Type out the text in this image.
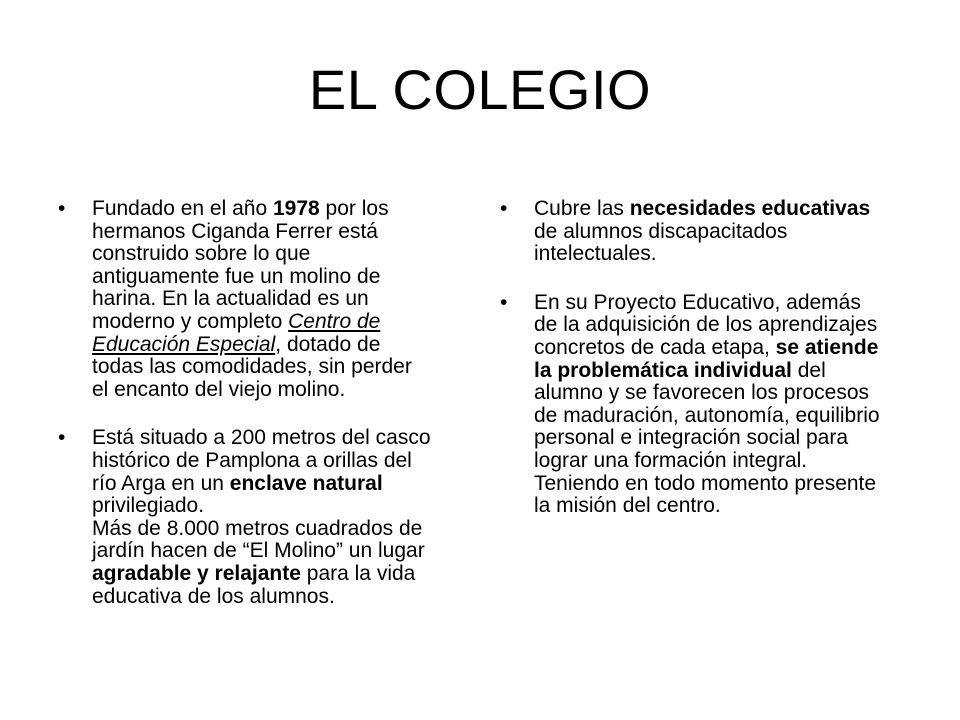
EL COLEGIO
•	Fundado en el año 1978 por los hermanos Ciganda Ferrer está construido sobre lo que antiguamente fue un molino de harina. En la actualidad es un moderno y completo Centro de Educación Especial, dotado de todas las comodidades, sin perder el encanto del viejo molino.
•	Está situado a 200 metros del casco histórico de Pamplona a orillas del río Arga en un enclave natural privilegiado.
Más de 8.000 metros cuadrados de jardín hacen de “El Molino” un lugar agradable y relajante para la vida educativa de los alumnos.
•	Cubre las necesidades educativas de alumnos discapacitados intelectuales.
•	En su Proyecto Educativo, además de la adquisición de los aprendizajes concretos de cada etapa, se atiende la problemática individual del alumno y se favorecen los procesos de maduración, autonomía, equilibrio personal e integración social para lograr una formación integral. Teniendo en todo momento presente la misión del centro.
